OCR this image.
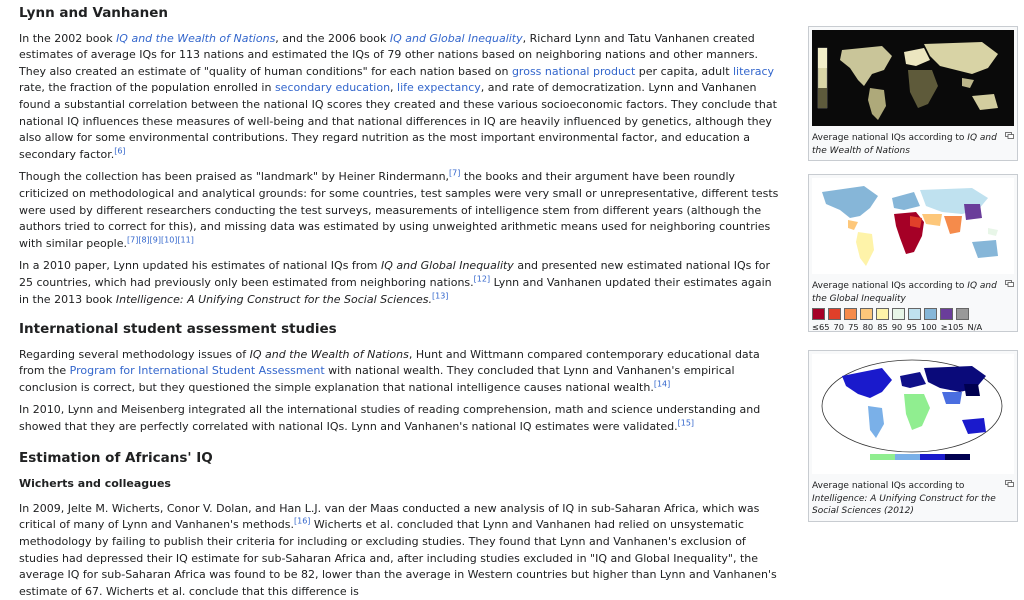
Lynn and Vanhanen

In the 2002 book IQ and the Wealth of Nations, and the 2006 book IQ and Global Inequality, Richard Lynn and Tatu Vanhanen created estimates of average IQs for 113 nations and estimated the IQs of 79 other nations based on neighboring nations and other manners. They also created an estimate of "quality of human conditions" for each nation based on gross national product per capita, adult literacy rate, the fraction of the population enrolled in secondary education, life expectancy, and rate of democratization. Lynn and Vanhanen found a substantial correlation between the national IQ scores they created and these various socioeconomic factors. They conclude that national IQ influences these measures of well-being and that national differences in IQ are heavily influenced by genetics, although they also allow for some environmental contributions. They regard nutrition as the most important environmental factor, and education a secondary factor.[6]

Though the collection has been praised as "landmark" by Heiner Rindermann,[7] the books and their argument have been roundly criticized on methodological and analytical grounds: for some countries, test samples were very small or unrepresentative, different tests were used by different researchers conducting the test surveys, measurements of intelligence stem from different years (although the authors tried to correct for this), and missing data was estimated by using unweighted arithmetic means used for neighboring countries with similar people.[7][8][9][10][11]

In a 2010 paper, Lynn updated his estimates of national IQs from IQ and Global Inequality and presented new estimated national IQs for 25 countries, which had previously only been estimated from neighboring nations.[12] Lynn and Vanhanen updated their estimates again in the 2013 book Intelligence: A Unifying Construct for the Social Sciences.[13]

International student assessment studies

Regarding several methodology issues of IQ and the Wealth of Nations, Hunt and Wittmann compared contemporary educational data from the Program for International Student Assessment with national wealth. They concluded that Lynn and Vanhanen's empirical conclusion is correct, but they questioned the simple explanation that national intelligence causes national wealth.[14]

In 2010, Lynn and Meisenberg integrated all the international studies of reading comprehension, math and science understanding and showed that they are perfectly correlated with national IQs. Lynn and Vanhanen's national IQ estimates were validated.[15]

Estimation of Africans' IQ
Wicherts and colleagues

In 2009, Jelte M. Wicherts, Conor V. Dolan, and Han L.J. van der Maas conducted a new analysis of IQ in sub-Saharan Africa, which was critical of many of Lynn and Vanhanen's methods.[16] Wicherts et al. concluded that Lynn and Vanhanen had relied on unsystematic methodology by failing to publish their criteria for including or excluding studies. They found that Lynn and Vanhanen's exclusion of studies had depressed their IQ estimate for sub-Saharan Africa and, after including studies excluded in "IQ and Global Inequality", the average IQ for sub-Saharan Africa was found to be 82, lower than the average in Western countries but higher than Lynn and Vanhanen's estimate of 67. Wicherts et al. conclude that this difference is

Average national IQs according to IQ and the Wealth of Nations
Average national IQs according to IQ and the Global Inequality
≤65 70 75 80 85 90 95 100 ≥105 N/A
Average national IQs according to Intelligence: A Unifying Construct for the Social Sciences (2012)
